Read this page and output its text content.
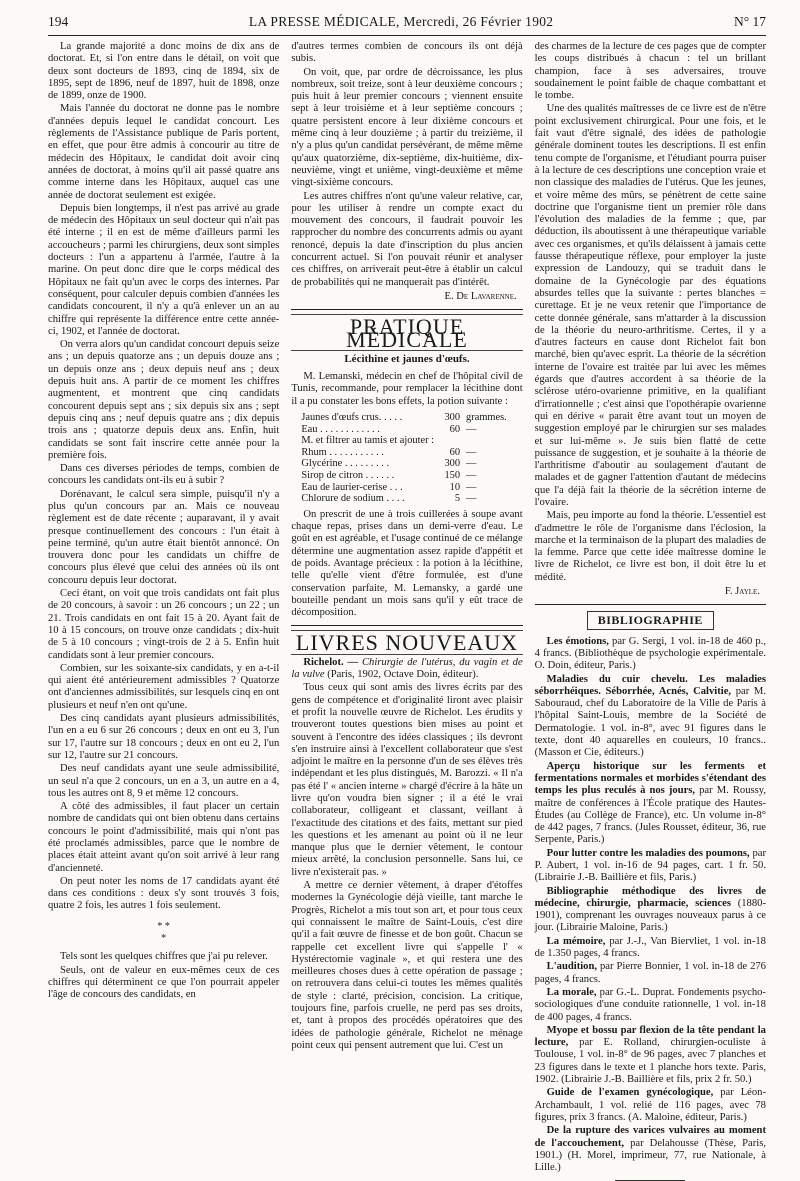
194	LA PRESSE MÉDICALE, Mercredi, 26 Février 1902	N° 17

La grande majorité a donc moins de dix ans de doctorat. Et, si l'on entre dans le détail, on voit que deux sont docteurs de 1893, cinq de 1894, six de 1895, sept de 1896, neuf de 1897, huit de 1898, onze de 1899, onze de 1900.

Mais l'année du doctorat ne donne pas le nombre d'années depuis lequel le candidat concourt. Les règlements de l'Assistance publique de Paris portent, en effet, que pour être admis à concourir au titre de médecin des Hôpitaux, le candidat doit avoir cinq années de doctorat, à moins qu'il ait passé quatre ans comme interne dans les Hôpitaux, auquel cas une année de doctorat seulement est exigée.

Depuis bien longtemps, il n'est pas arrivé au grade de médecin des Hôpitaux un seul docteur qui n'ait pas été interne ; il en est de même d'ailleurs parmi les accoucheurs ; parmi les chirurgiens, deux sont simples docteurs : l'un a appartenu à l'armée, l'autre à la marine. On peut donc dire que le corps médical des Hôpitaux ne fait qu'un avec le corps des internes. Par conséquent, pour calculer depuis combien d'années les candidats concourent, il n'y a qu'à enlever un an au chiffre qui représente la différence entre cette année-ci, 1902, et l'année de doctorat.

On verra alors qu'un candidat concourt depuis seize ans ; un depuis quatorze ans ; un depuis douze ans ; un depuis onze ans ; deux depuis neuf ans ; deux depuis huit ans. A partir de ce moment les chiffres augmentent, et montrent que cinq candidats concourent depuis sept ans ; six depuis six ans ; sept depuis cinq ans ; neuf depuis quatre ans ; dix depuis trois ans ; quatorze depuis deux ans. Enfin, huit candidats se sont fait inscrire cette année pour la première fois.

Dans ces diverses périodes de temps, combien de concours les candidats ont-ils eu à subir ?

Dorénavant, le calcul sera simple, puisqu'il n'y a plus qu'un concours par an. Mais ce nouveau règlement est de date récente ; auparavant, il y avait presque continuellement des concours : l'un était à peine terminé, qu'un autre était bientôt annoncé. On trouvera donc pour les candidats un chiffre de concours plus élevé que celui des années où ils ont concouru depuis leur doctorat.

Ceci étant, on voit que trois candidats ont fait plus de 20 concours, à savoir : un 26 concours ; un 22 ; un 21. Trois candidats en ont fait 15 à 20. Ayant fait de 10 à 15 concours, on trouve onze candidats ; dix-huit de 5 à 10 concours ; vingt-trois de 2 à 5. Enfin huit candidats sont à leur premier concours.

Combien, sur les soixante-six candidats, y en a-t-il qui aient été antérieurement admissibles ? Quatorze ont d'anciennes admissibilités, sur lesquels cinq en ont plusieurs et neuf n'en ont qu'une.

Des cinq candidats ayant plusieurs admissibilités, l'un en a eu 6 sur 26 concours ; deux en ont eu 3, l'un sur 17, l'autre sur 18 concours ; deux en ont eu 2, l'un sur 12, l'autre sur 21 concours.

Des neuf candidats ayant une seule admissibilité, un seul n'a que 2 concours, un en a 3, un autre en a 4, tous les autres ont 8, 9 et même 12 concours.

A côté des admissibles, il faut placer un certain nombre de candidats qui ont bien obtenu dans certains concours le point d'admissibilité, mais qui n'ont pas été proclamés admissibles, parce que le nombre de places était atteint avant qu'on soit arrivé à leur rang d'ancienneté.

On peut noter les noms de 17 candidats ayant été dans ces conditions : deux s'y sont trouvés 3 fois, quatre 2 fois, les autres 1 fois seulement.

* *
*

Tels sont les quelques chiffres que j'ai pu relever.

Seuls, ont de valeur en eux-mêmes ceux de ces chiffres qui déterminent ce que l'on pourrait appeler l'âge de concours des candidats, en

d'autres termes combien de concours ils ont déjà subis.

On voit, que, par ordre de décroissance, les plus nombreux, soit treize, sont à leur deuxième concours ; puis huit à leur premier concours ; viennent ensuite sept à leur troisième et à leur septième concours ; quatre persistent encore à leur dixième concours et même cinq à leur douzième ; à partir du treizième, il n'y a plus qu'un candidat persévérant, de même même qu'aux quatorzième, dix-septième, dix-huitième, dix-neuvième, vingt et unième, vingt-deuxième et même vingt-sixième concours.

Les autres chiffres n'ont qu'une valeur relative, car, pour les utiliser à rendre un compte exact du mouvement des concours, il faudrait pouvoir les rapprocher du nombre des concurrents admis ou ayant renoncé, depuis la date d'inscription du plus ancien concurrent actuel. Si l'on pouvait réunir et analyser ces chiffres, on arriverait peut-être à établir un calcul de probabilités qui ne manquerait pas d'intérêt.

E. De Lavarenne.
PRATIQUE MÉDICALE
Lécithine et jaunes d'œufs.

M. Lemanski, médecin en chef de l'hôpital civil de Tunis, recommande, pour remplacer la lécithine dont il a pu constater les bons effets, la potion suivante :

Jaunes d'œufs crus. . . . .	300	grammes.
Eau . . . . . . . . . . . .	60	—
M. et filtrer au tamis et ajouter :		
Rhum . . . . . . . . . . .	60	—
Glycérine . . . . . . . . .	300	—
Sirop de citron . . . . . .	150	—
Eau de laurier-cerise . . .	10	—
Chlorure de sodium . . . .	5	—

On prescrit de une à trois cuillerées à soupe avant chaque repas, prises dans un demi-verre d'eau. Le goût en est agréable, et l'usage continué de ce mélange détermine une augmentation assez rapide d'appétit et de poids. Avantage précieux : la potion à la lécithine, telle qu'elle vient d'être formulée, est d'une conservation parfaite, M. Lemansky, a gardé une bouteille pendant un mois sans qu'il y eût trace de décomposition.

LIVRES NOUVEAUX

Richelot. — Chirurgie de l'utérus, du vagin et de la vulve (Paris, 1902, Octave Doin, éditeur).

Tous ceux qui sont amis des livres écrits par des gens de compétence et d'originalité liront avec plaisir et profit la nouvelle œuvre de Richelot. Les érudits y trouveront toutes questions bien mises au point et souvent à l'encontre des idées classiques ; ils devront s'en instruire ainsi à l'excellent collaborateur que s'est adjoint le maître en la personne d'un de ses élèves très indépendant et les plus distingués, M. Barozzi. « Il n'a pas été l' « ancien interne » chargé d'écrire à la hâte un livre qu'on voudra bien signer ; il a été le vrai collaborateur, colligeant et classant, veillant à l'exactitude des citations et des faits, mettant sur pied les questions et les amenant au point où il ne leur manque plus que le dernier vêtement, le contour mieux arrêté, la conclusion personnelle. Sans lui, ce livre n'existerait pas. »

A mettre ce dernier vêtement, à draper d'étoffes modernes la Gynécologie déjà vieille, tant marche le Progrès, Richelot a mis tout son art, et pour tous ceux qui connaissent le maître de Saint-Louis, c'est dire qu'il a fait œuvre de finesse et de bon goût. Chacun se rappelle cet excellent livre qui s'appelle l' « Hystérectomie vaginale », et qui restera une des meilleures choses dues à cette opération de passage ; on retrouvera dans celui-ci toutes les mêmes qualités de style : clarté, précision, concision. La critique, toujours fine, parfois cruelle, ne perd pas ses droits, et, tant à propos des procédés opératoires que des idées de pathologie générale, Richelot ne ménage point ceux qui pensent autrement que lui. C'est un

des charmes de la lecture de ces pages que de compter les coups distribués à chacun : tel un brillant champion, face à ses adversaires, trouve soudainement le point faible de chaque combattant et le tombe.

Une des qualités maîtresses de ce livre est de n'être point exclusivement chirurgical. Pour une fois, et le fait vaut d'être signalé, des idées de pathologie générale dominent toutes les descriptions. Il est enfin tenu compte de l'organisme, et l'étudiant pourra puiser à la lecture de ces descriptions une conception vraie et non classique des maladies de l'utérus. Que les jeunes, et voire même des mûrs, se pénètrent de cette saine doctrine que l'organisme tient un premier rôle dans l'évolution des maladies de la femme ; que, par déduction, ils aboutissent à une thérapeutique variable avec ces organismes, et qu'ils délaissent à jamais cette fausse thérapeutique réflexe, pour employer la juste expression de Landouzy, qui se traduit dans le domaine de la Gynécologie par des équations absurdes telles que la suivante : pertes blanches = curettage. Et je ne veux retenir que l'importance de cette donnée générale, sans m'attarder à la discussion de la théorie du neuro-arthritisme. Certes, il y a d'autres facteurs en cause dont Richelot fait bon marché, bien qu'avec esprit. La théorie de la sécrétion interne de l'ovaire est traitée par lui avec les mêmes égards que d'autres accordent à sa théorie de la sclérose utéro-ovarienne primitive, en la qualifiant d'irrationnelle ; c'est ainsi que l'opothérapie ovarienne qui en dérive « parait être avant tout un moyen de suggestion employé par le chirurgien sur ses malades et sur lui-même ». Je suis bien flatté de cette puissance de suggestion, et je souhaite à la théorie de l'arthritisme d'aboutir au soulagement d'autant de malades et de gagner l'attention d'autant de médecins que l'a déjà fait la théorie de la sécrétion interne de l'ovaire.

Mais, peu importe au fond la théorie. L'essentiel est d'admettre le rôle de l'organisme dans l'éclosion, la marche et la terminaison de la plupart des maladies de la femme. Parce que cette idée maîtresse domine le livre de Richelot, ce livre est bon, il doit être lu et médité.

F. Jayle.
BIBLIOGRAPHIE

Les émotions, par G. Sergi, 1 vol. in-18 de 460 p., 4 francs. (Bibliothèque de psychologie expérimentale. O. Doin, éditeur, Paris.)

Maladies du cuir chevelu. Les maladies séborrhéiques. Séborrhée, Acnés, Calvitie, par M. Sabouraud, chef du Laboratoire de la Ville de Paris à l'hôpital Saint-Louis, membre de la Société de Dermatologie. 1 vol. in-8°, avec 91 figures dans le texte, dont 40 aquarelles en couleurs, 10 francs.. (Masson et Cie, éditeurs.)

Aperçu historique sur les ferments et fermentations normales et morbides s'étendant des temps les plus reculés à nos jours, par M. Roussy, maître de conférences à l'École pratique des Hautes-Études (au Collège de France), etc. Un volume in-8° de 442 pages, 7 francs. (Jules Rousset, éditeur, 36, rue Serpente, Paris.)

Pour lutter contre les maladies des poumons, par P. Aubert, 1 vol. in-16 de 94 pages, cart. 1 fr. 50. (Librairie J.-B. Baillière et fils, Paris.)

Bibliographie méthodique des livres de médecine, chirurgie, pharmacie, sciences (1880-1901), comprenant les ouvrages nouveaux parus à ce jour. (Librairie Maloine, Paris.)

La mémoire, par J.-J., Van Biervliet, 1 vol. in-18 de 1.350 pages, 4 francs.

L'audition, par Pierre Bonnier, 1 vol. in-18 de 276 pages, 4 francs.

La morale, par G.-L. Duprat. Fondements psycho-sociologiques d'une conduite rationnelle, 1 vol. in-18 de 400 pages, 4 francs.

Myope et bossu par flexion de la tête pendant la lecture, par E. Rolland, chirurgien-oculiste à Toulouse, 1 vol. in-8° de 96 pages, avec 7 planches et 23 figures dans le texte et 1 planche hors texte. Paris, 1902. (Librairie J.-B. Baillière et fils, prix 2 fr. 50.)

Guide de l'examen gynécologique, par Léon-Archambault, 1 vol. relié de 116 pages, avec 78 figures, prix 3 francs. (A. Maloine, éditeur, Paris.)

De la rupture des varices vulvaires au moment de l'accouchement, par Delahousse (Thèse, Paris, 1901.) (H. Morel, imprimeur, 77, rue Nationale, à Lille.)
